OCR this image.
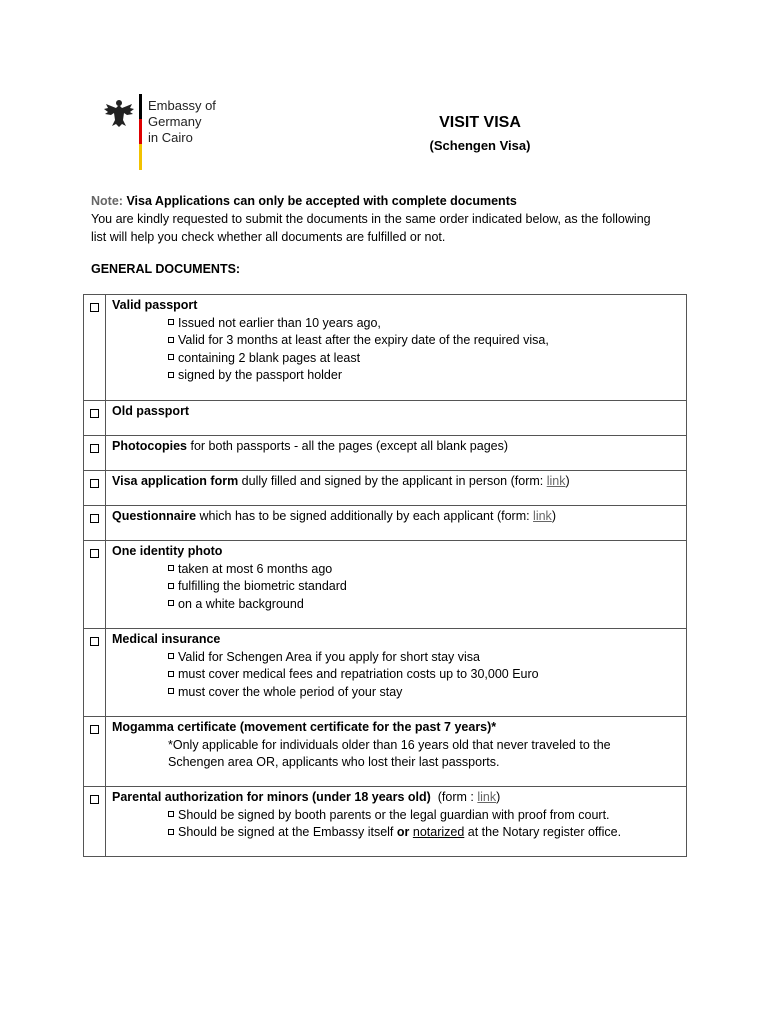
Embassy of Germany
in Cairo
VISIT VISA
(Schengen Visa)
Note: Visa Applications can only be accepted with complete documents
You are kindly requested to submit the documents in the same order indicated below, as the following
list will help you check whether all documents are fulfilled or not.
GENERAL DOCUMENTS:

	Valid passport
Issued not earlier than 10 years ago,
Valid for 3 months at least after the expiry date of the required visa,
containing 2 blank pages at least
signed by the passport holder

	Old passport

	Photocopies for both passports - all the pages (except all blank pages)
	Visa application form dully filled and signed by the applicant in person (form: link)
	Questionnaire which has to be signed additionally by each applicant (form: link)

	One identity photo
taken at most 6 months ago
fulfilling the biometric standard
on a white background

	Medical insurance
Valid for Schengen Area if you apply for short stay visa
must cover medical fees and repatriation costs up to 30,000 Euro
must cover the whole period of your stay

	Mogamma certificate (movement certificate for the past 7 years)*
*Only applicable for individuals older than 16 years old that never traveled to the
Schengen area OR, applicants who lost their last passports.

	Parental authorization for minors (under 18 years old)  (form : link)
Should be signed by booth parents or the legal guardian with proof from court.
Should be signed at the Embassy itself or notarized at the Notary register office.
